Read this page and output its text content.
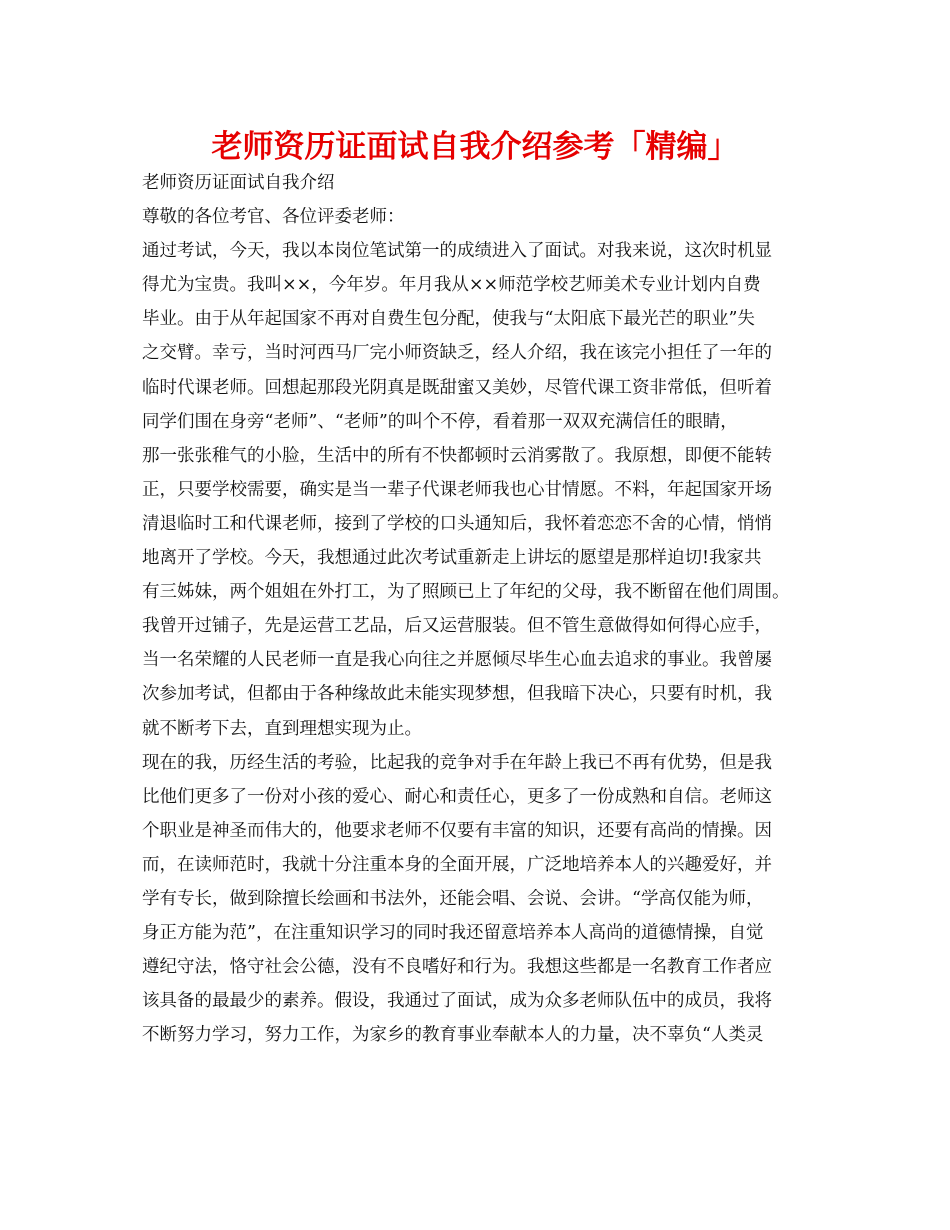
老师资历证面试自我介绍参考「精编」
老师资历证面试自我介绍
尊敬的各位考官、各位评委老师：
通过考试，今天，我以本岗位笔试第一的成绩进入了面试。对我来说，这次时机显
得尤为宝贵。我叫××，今年岁。年月我从××师范学校艺师美术专业计划内自费
毕业。由于从年起国家不再对自费生包分配，使我与“太阳底下最光芒的职业”失
之交臂。幸亏，当时河西马厂完小师资缺乏，经人介绍，我在该完小担任了一年的
临时代课老师。回想起那段光阴真是既甜蜜又美妙，尽管代课工资非常低，但听着
同学们围在身旁“老师”、“老师”的叫个不停，看着那一双双充满信任的眼睛，
那一张张稚气的小脸，生活中的所有不快都顿时云消雾散了。我原想，即便不能转
正，只要学校需要，确实是当一辈子代课老师我也心甘情愿。不料，年起国家开场
清退临时工和代课老师，接到了学校的口头通知后，我怀着恋恋不舍的心情，悄悄
地离开了学校。今天，我想通过此次考试重新走上讲坛的愿望是那样迫切!我家共
有三姊妹，两个姐姐在外打工，为了照顾已上了年纪的父母，我不断留在他们周围。
我曾开过铺子，先是运营工艺品，后又运营服装。但不管生意做得如何得心应手，
当一名荣耀的人民老师一直是我心向往之并愿倾尽毕生心血去追求的事业。我曾屡
次参加考试，但都由于各种缘故此未能实现梦想，但我暗下决心，只要有时机，我
就不断考下去，直到理想实现为止。
现在的我，历经生活的考验，比起我的竞争对手在年龄上我已不再有优势，但是我
比他们更多了一份对小孩的爱心、耐心和责任心，更多了一份成熟和自信。老师这
个职业是神圣而伟大的，他要求老师不仅要有丰富的知识，还要有高尚的情操。因
而，在读师范时，我就十分注重本身的全面开展，广泛地培养本人的兴趣爱好，并
学有专长，做到除擅长绘画和书法外，还能会唱、会说、会讲。“学高仅能为师，
身正方能为范”，在注重知识学习的同时我还留意培养本人高尚的道德情操，自觉
遵纪守法，恪守社会公德，没有不良嗜好和行为。我想这些都是一名教育工作者应
该具备的最最少的素养。假设，我通过了面试，成为众多老师队伍中的成员，我将
不断努力学习，努力工作，为家乡的教育事业奉献本人的力量，决不辜负“人类灵
